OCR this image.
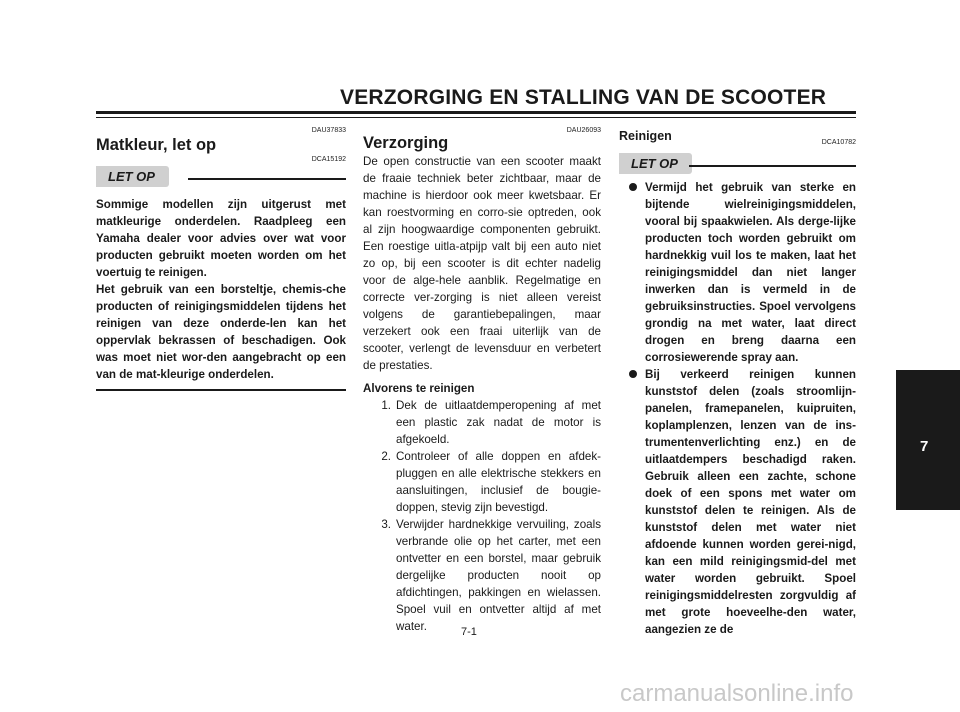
VERZORGING EN STALLING VAN DE SCOOTER
DAU37833
Matkleur, let op
DCA15192
LET OP

Sommige modellen zijn uitgerust met matkleurige onderdelen. Raadpleeg een Yamaha dealer voor advies over wat voor producten gebruikt moeten worden om het voertuig te reinigen.

Het gebruik van een borsteltje, chemis-che producten of reinigingsmiddelen tijdens het reinigen van deze onderde-len kan het oppervlak bekrassen of beschadigen. Ook was moet niet wor-den aangebracht op een van de mat-kleurige onderdelen.

DAU26093
Verzorging

De open constructie van een scooter maakt de fraaie techniek beter zichtbaar, maar de machine is hierdoor ook meer kwetsbaar. Er kan roestvorming en corro-sie optreden, ook al zijn hoogwaardige componenten gebruikt. Een roestige uitla-atpijp valt bij een auto niet zo op, bij een scooter is dit echter nadelig voor de alge-hele aanblik. Regelmatige en correcte ver-zorging is niet alleen vereist volgens de garantiebepalingen, maar verzekert ook een fraai uiterlijk van de scooter, verlengt de levensduur en verbetert de prestaties.

Alvorens te reinigen
1. Dek de uitlaatdemperopening af met een plastic zak nadat de motor is afgekoeld.
2. Controleer of alle doppen en afdek-pluggen en alle elektrische stekkers en aansluitingen, inclusief de bougie-doppen, stevig zijn bevestigd.
3. Verwijder hardnekkige vervuiling, zoals verbrande olie op het carter, met een ontvetter en een borstel, maar gebruik dergelijke producten nooit op afdichtingen, pakkingen en wielassen. Spoel vuil en ontvetter altijd af met water.
Reinigen	DCA10782
LET OP
Vermijd het gebruik van sterke en bijtende wielreinigingsmiddelen, vooral bij spaakwielen. Als derge-lijke producten toch worden gebruikt om hardnekkig vuil los te maken, laat het reinigingsmiddel dan niet langer inwerken dan is vermeld in de gebruiksinstructies. Spoel vervolgens grondig na met water, laat direct drogen en breng daarna een corrosiewerende spray aan.
Bij verkeerd reinigen kunnen kunststof delen (zoals stroomlijn-panelen, framepanelen, kuipruiten, koplamplenzen, lenzen van de ins-trumentenverlichting enz.) en de uitlaatdempers beschadigd raken. Gebruik alleen een zachte, schone doek of een spons met water om kunststof delen te reinigen. Als de kunststof delen met water niet afdoende kunnen worden gerei-nigd, kan een mild reinigingsmid-del met water worden gebruikt. Spoel reinigingsmiddelresten zorgvuldig af met grote hoeveelhe-den water, aangezien ze de
7-1
7
carmanualsonline.info
